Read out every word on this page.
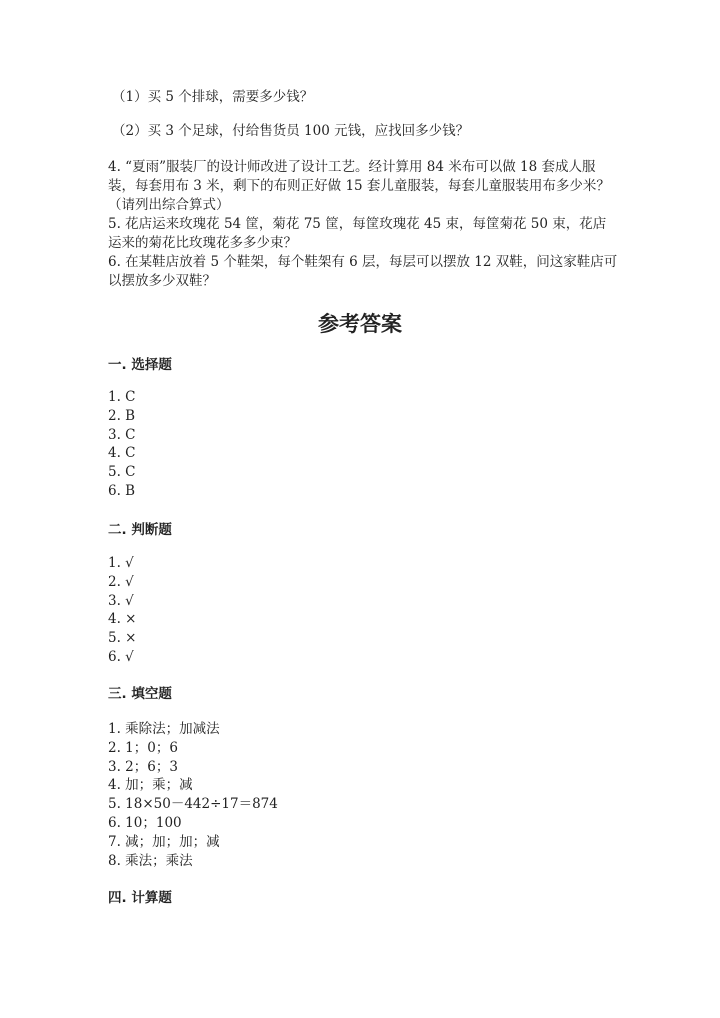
（1）买 5 个排球，需要多少钱？
（2）买 3 个足球，付给售货员 100 元钱，应找回多少钱？
4. “夏雨”服装厂的设计师改进了设计工艺。经计算用 84 米布可以做 18 套成人服装，每套用布 3 米，剩下的布则正好做 15 套儿童服装，每套儿童服装用布多少米？（请列出综合算式）
5. 花店运来玫瑰花 54 筐，菊花 75 筐，每筐玫瑰花 45 束，每筐菊花 50 束，花店运来的菊花比玫瑰花多多少束？
6. 在某鞋店放着 5 个鞋架，每个鞋架有 6 层，每层可以摆放 12 双鞋，问这家鞋店可以摆放多少双鞋？
参考答案
一. 选择题
1. C
2. B
3. C
4. C
5. C
6. B
二. 判断题
1. √
2. √
3. √
4. ×
5. ×
6. √
三. 填空题
1. 乘除法；加减法
2. 1；0；6
3. 2；6；3
4. 加；乘；减
5. 18×50－442÷17＝874
6. 10；100
7. 减；加；加；减
8. 乘法；乘法
四. 计算题
